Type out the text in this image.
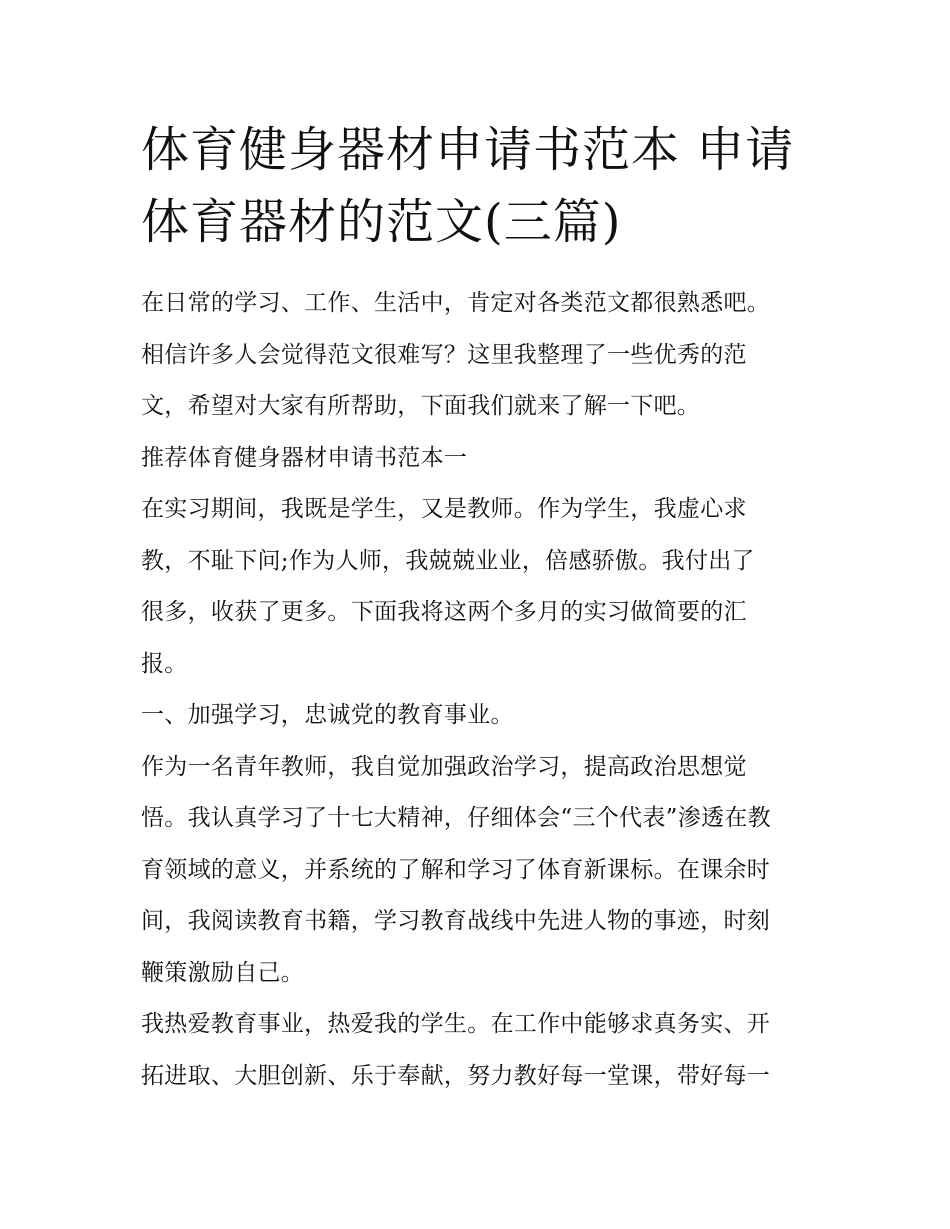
体育健身器材申请书范本 申请
体育器材的范文(三篇)
在日常的学习、工作、生活中，肯定对各类范文都很熟悉吧。
相信许多人会觉得范文很难写？这里我整理了一些优秀的范
文，希望对大家有所帮助，下面我们就来了解一下吧。
推荐体育健身器材申请书范本一
在实习期间，我既是学生，又是教师。作为学生，我虚心求
教，不耻下问;作为人师，我兢兢业业，倍感骄傲。我付出了
很多，收获了更多。下面我将这两个多月的实习做简要的汇
报。
一、加强学习，忠诚党的教育事业。
作为一名青年教师，我自觉加强政治学习，提高政治思想觉
悟。我认真学习了十七大精神，仔细体会“三个代表”渗透在教
育领域的意义，并系统的了解和学习了体育新课标。在课余时
间，我阅读教育书籍，学习教育战线中先进人物的事迹，时刻
鞭策激励自己。
我热爱教育事业，热爱我的学生。在工作中能够求真务实、开
拓进取、大胆创新、乐于奉献，努力教好每一堂课，带好每一
